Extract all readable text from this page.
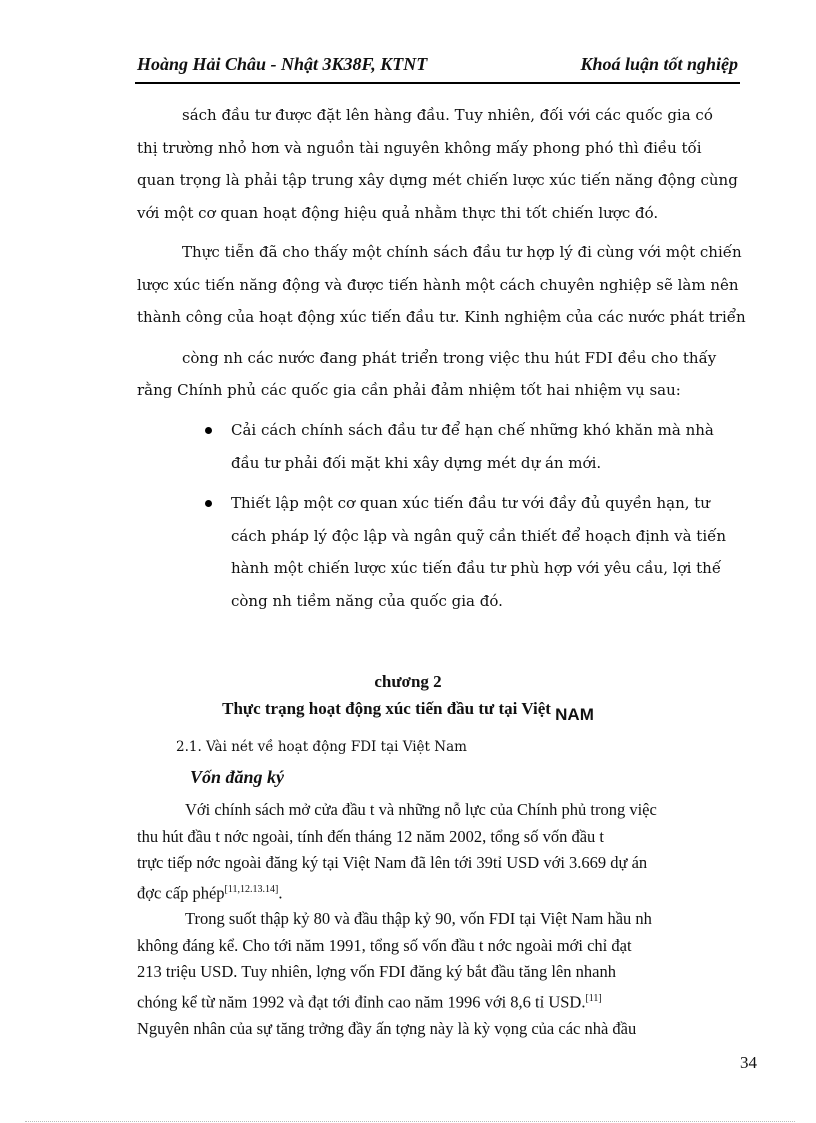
Hoàng Hải Châu - Nhật 3K38F, KTNT	Khoá luận tốt nghiệp

sách đầu tư được đặt lên hàng đầu. Tuy nhiên, đối với các quốc gia có
thị trường nhỏ hơn và nguồn tài nguyên không mấy phong phó thì điều tối
quan trọng là phải tập trung xây dựng mét chiến lược xúc tiến năng động cùng
với một cơ quan hoạt động hiệu quả nhằm thực thi tốt chiến lược đó.

Thực tiễn đã cho thấy một chính sách đầu tư hợp lý đi cùng với một chiến
lược xúc tiến năng động và được tiến hành một cách chuyên nghiệp sẽ làm nên
thành công của hoạt động xúc tiến đầu tư. Kinh nghiệm của các nước phát triển
còng nh các nước đang phát triển trong việc thu hút FDI đều cho thấy
rằng Chính phủ các quốc gia cần phải đảm nhiệm tốt hai nhiệm vụ sau:

Cải cách chính sách đầu tư để hạn chế những khó khăn mà nhà đầu tư phải đối mặt khi xây dựng mét dự án mới.
Thiết lập một cơ quan xúc tiến đầu tư với đầy đủ quyền hạn, tư cách pháp lý độc lập và ngân quỹ cần thiết để hoạch định và tiến hành một chiến lược xúc tiến đầu tư phù hợp với yêu cầu, lợi thế còng nh tiềm năng của quốc gia đó.
chương 2
Thực trạng hoạt động xúc tiến đầu tư tại Việt NAM
2.1. Vài nét về hoạt động FDI tại Việt Nam
Vốn đăng ký

Với chính sách mở cửa đầu t và những nỗ lực của Chính phủ trong việc
thu hút đầu t nớc ngoài, tính đến tháng 12 năm 2002, tổng số vốn đầu t
trực tiếp nớc ngoài đăng ký tại Việt Nam đã lên tới 39tỉ USD với 3.669 dự án
đợc cấp phép[11,12.13.14].

Trong suốt thập kỷ 80 và đầu thập kỷ 90, vốn FDI tại Việt Nam hầu nh
không đáng kể. Cho tới năm 1991, tổng số vốn đầu t nớc ngoài mới chỉ đạt
213 triệu USD. Tuy nhiên, lợng vốn FDI đăng ký bắt đầu tăng lên nhanh
chóng kể từ năm 1992 và đạt tới đỉnh cao năm 1996 với 8,6 tỉ USD.[11]
Nguyên nhân của sự tăng trởng đầy ấn tợng này là kỳ vọng của các nhà đầu

34
